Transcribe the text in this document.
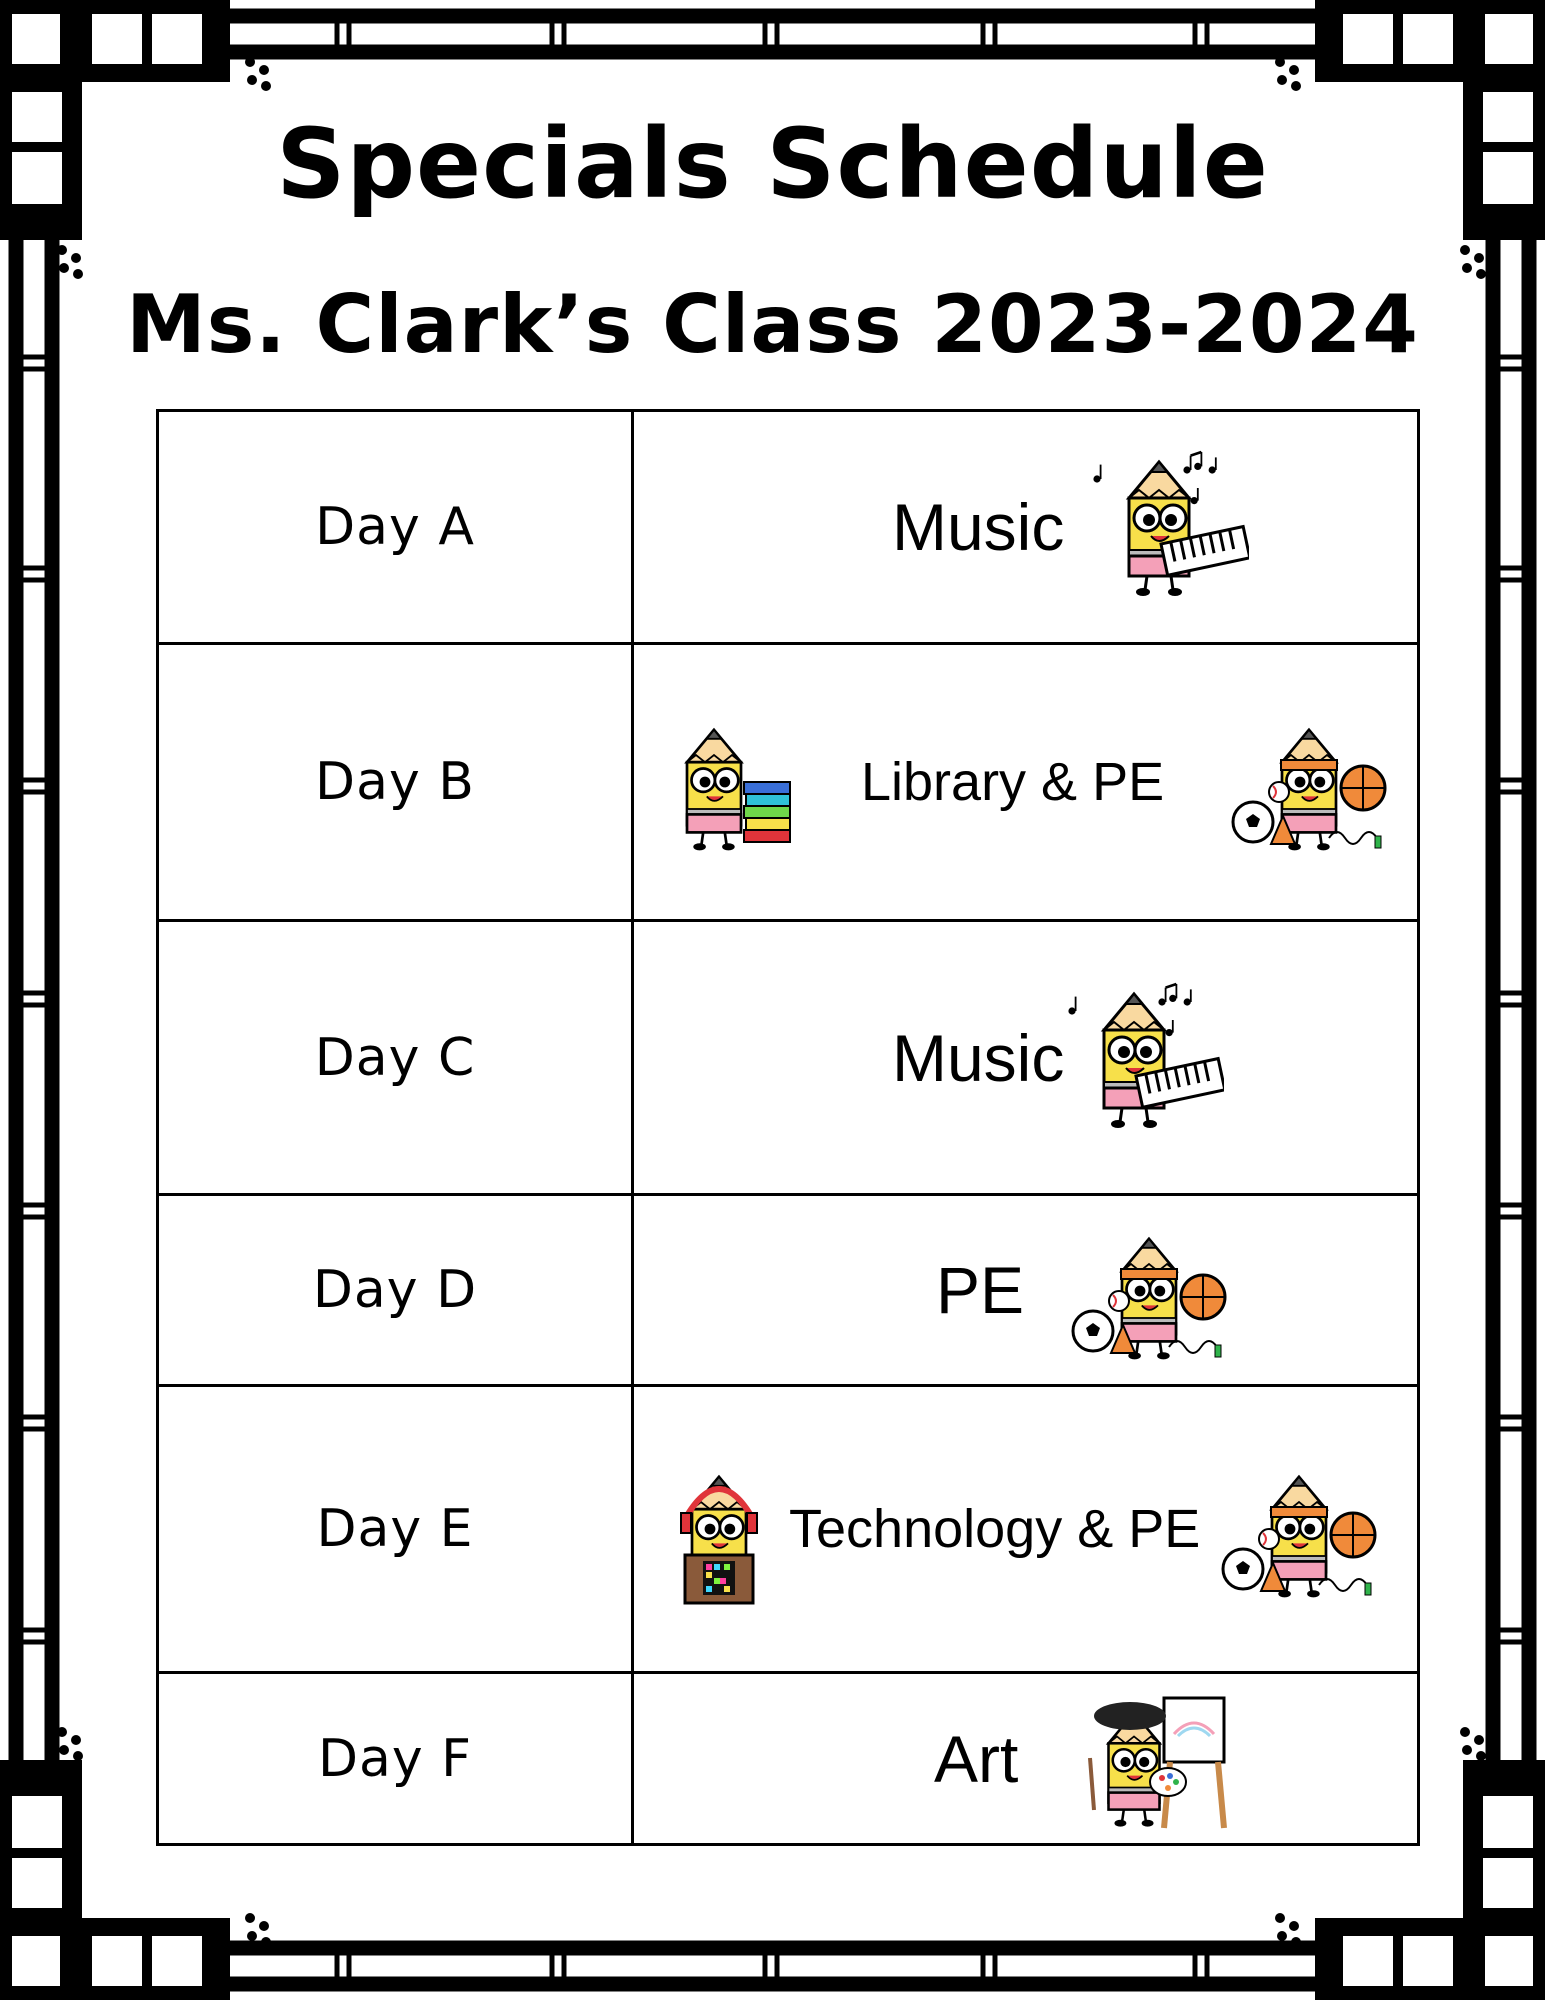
Specials Schedule
Ms. Clark’s Class 2023-2024
Day A	Music

Day B	Library & PE

Day C	Music

Day D	PE

Day E	Technology & PE

Day F	Art
